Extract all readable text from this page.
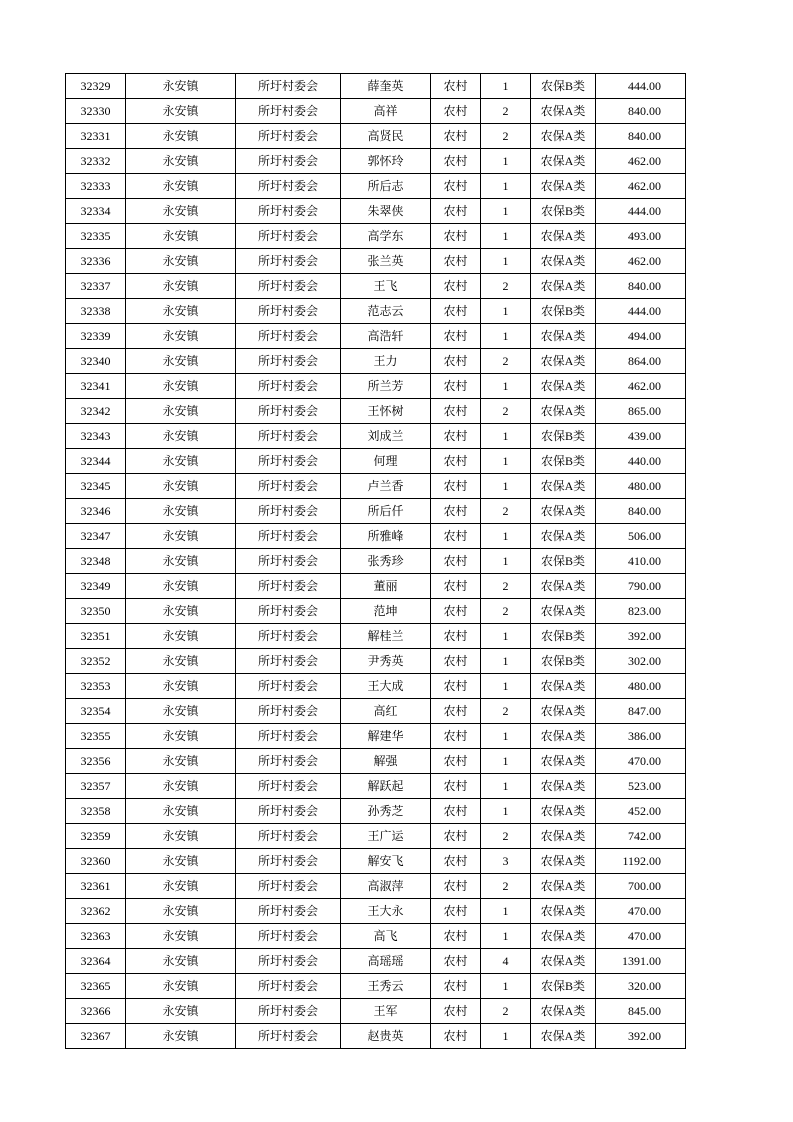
32329	永安镇	所圩村委会	薛奎英	农村	1	农保B类	444.00
32330	永安镇	所圩村委会	高祥	农村	2	农保A类	840.00
32331	永安镇	所圩村委会	高贤民	农村	2	农保A类	840.00
32332	永安镇	所圩村委会	郭怀玲	农村	1	农保A类	462.00
32333	永安镇	所圩村委会	所后志	农村	1	农保A类	462.00
32334	永安镇	所圩村委会	朱翠侠	农村	1	农保B类	444.00
32335	永安镇	所圩村委会	高学东	农村	1	农保A类	493.00
32336	永安镇	所圩村委会	张兰英	农村	1	农保A类	462.00
32337	永安镇	所圩村委会	王飞	农村	2	农保A类	840.00
32338	永安镇	所圩村委会	范志云	农村	1	农保B类	444.00
32339	永安镇	所圩村委会	高浩轩	农村	1	农保A类	494.00
32340	永安镇	所圩村委会	王力	农村	2	农保A类	864.00
32341	永安镇	所圩村委会	所兰芳	农村	1	农保A类	462.00
32342	永安镇	所圩村委会	王怀树	农村	2	农保A类	865.00
32343	永安镇	所圩村委会	刘成兰	农村	1	农保B类	439.00
32344	永安镇	所圩村委会	何理	农村	1	农保B类	440.00
32345	永安镇	所圩村委会	卢兰香	农村	1	农保A类	480.00
32346	永安镇	所圩村委会	所后仟	农村	2	农保A类	840.00
32347	永安镇	所圩村委会	所雅峰	农村	1	农保A类	506.00
32348	永安镇	所圩村委会	张秀珍	农村	1	农保B类	410.00
32349	永安镇	所圩村委会	董丽	农村	2	农保A类	790.00
32350	永安镇	所圩村委会	范坤	农村	2	农保A类	823.00
32351	永安镇	所圩村委会	解桂兰	农村	1	农保B类	392.00
32352	永安镇	所圩村委会	尹秀英	农村	1	农保B类	302.00
32353	永安镇	所圩村委会	王大成	农村	1	农保A类	480.00
32354	永安镇	所圩村委会	高红	农村	2	农保A类	847.00
32355	永安镇	所圩村委会	解建华	农村	1	农保A类	386.00
32356	永安镇	所圩村委会	解强	农村	1	农保A类	470.00
32357	永安镇	所圩村委会	解跃起	农村	1	农保A类	523.00
32358	永安镇	所圩村委会	孙秀芝	农村	1	农保A类	452.00
32359	永安镇	所圩村委会	王广运	农村	2	农保A类	742.00
32360	永安镇	所圩村委会	解安飞	农村	3	农保A类	1192.00
32361	永安镇	所圩村委会	高淑萍	农村	2	农保A类	700.00
32362	永安镇	所圩村委会	王大永	农村	1	农保A类	470.00
32363	永安镇	所圩村委会	高飞	农村	1	农保A类	470.00
32364	永安镇	所圩村委会	高瑶瑶	农村	4	农保A类	1391.00
32365	永安镇	所圩村委会	王秀云	农村	1	农保B类	320.00
32366	永安镇	所圩村委会	王军	农村	2	农保A类	845.00
32367	永安镇	所圩村委会	赵贵英	农村	1	农保A类	392.00
